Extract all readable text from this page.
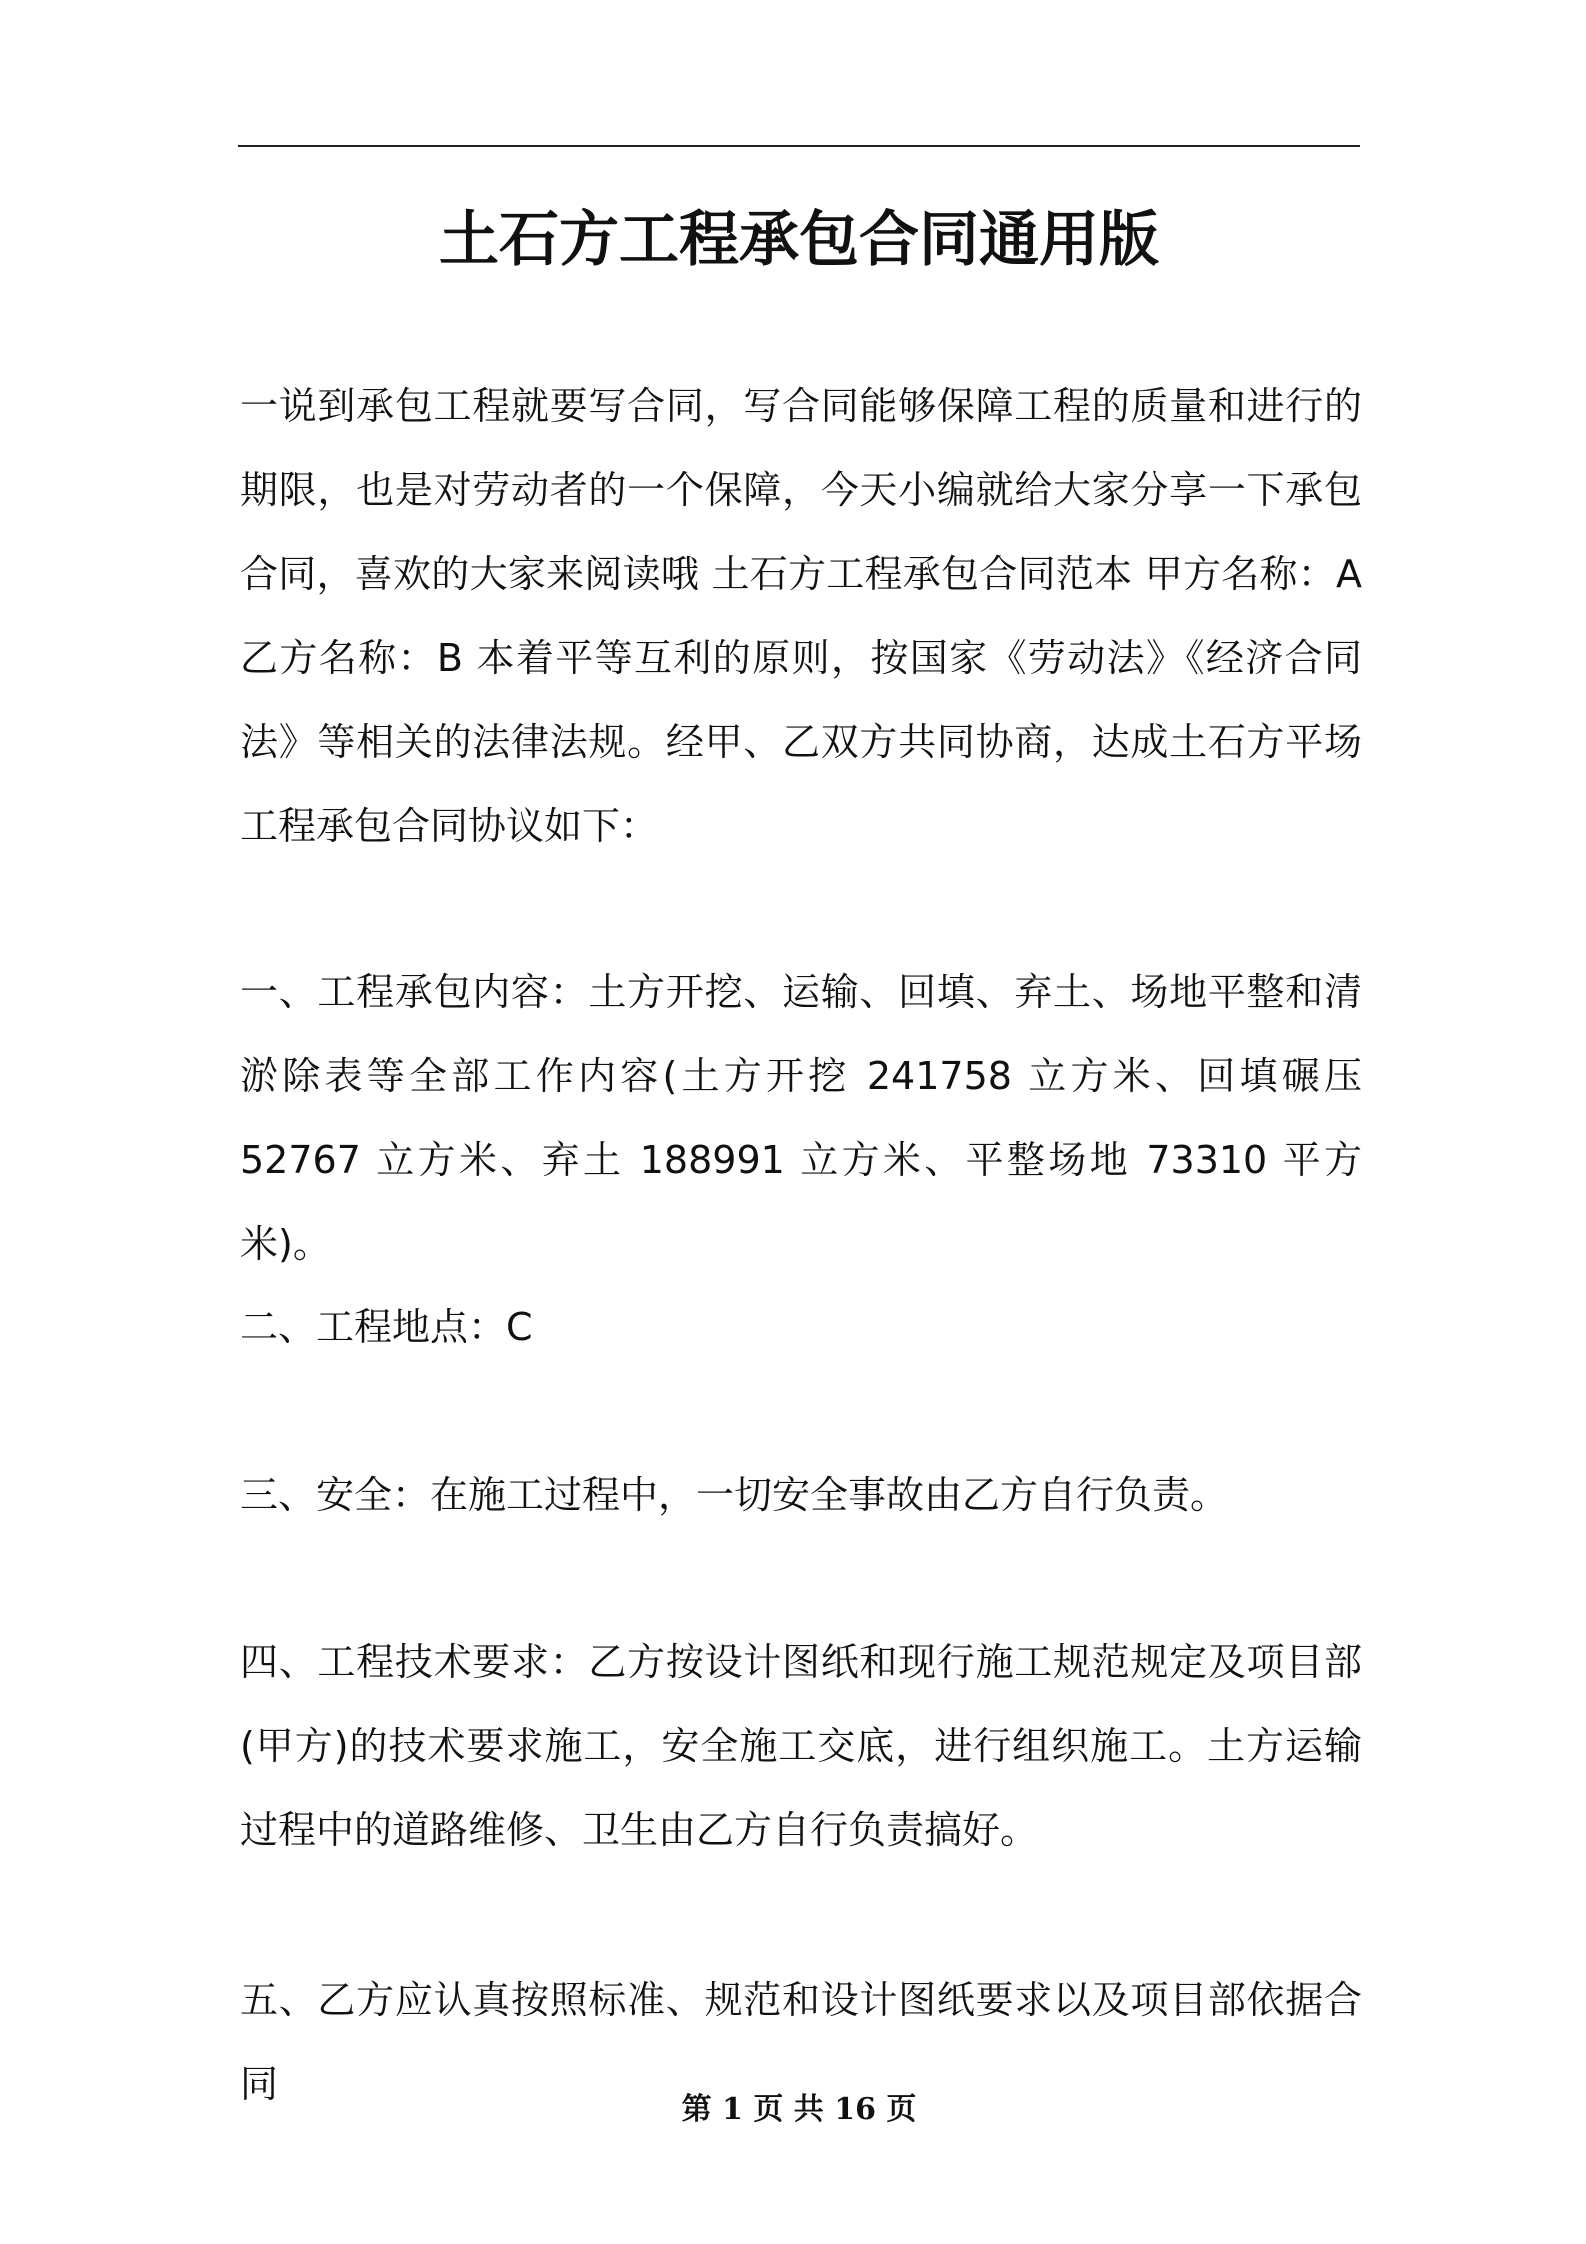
土石方工程承包合同通用版

一说到承包工程就要写合同，写合同能够保障工程的质量和进行的期限，也是对劳动者的一个保障，今天小编就给大家分享一下承包合同，喜欢的大家来阅读哦 土石方工程承包合同范本 甲方名称：A 乙方名称：B 本着平等互利的原则，按国家《劳动法》《经济合同法》等相关的法律法规。经甲、乙双方共同协商，达成土石方平场工程承包合同协议如下：

一、工程承包内容：土方开挖、运输、回填、弃土、场地平整和清淤除表等全部工作内容(土方开挖 241758 立方米、回填碾压 52767 立方米、弃土 188991 立方米、平整场地 73310 平方米)。

二、工程地点：C

三、安全：在施工过程中，一切安全事故由乙方自行负责。

四、工程技术要求：乙方按设计图纸和现行施工规范规定及项目部(甲方)的技术要求施工，安全施工交底，进行组织施工。土方运输过程中的道路维修、卫生由乙方自行负责搞好。

五、乙方应认真按照标准、规范和设计图纸要求以及项目部依据合同

第 1 页 共 16 页
